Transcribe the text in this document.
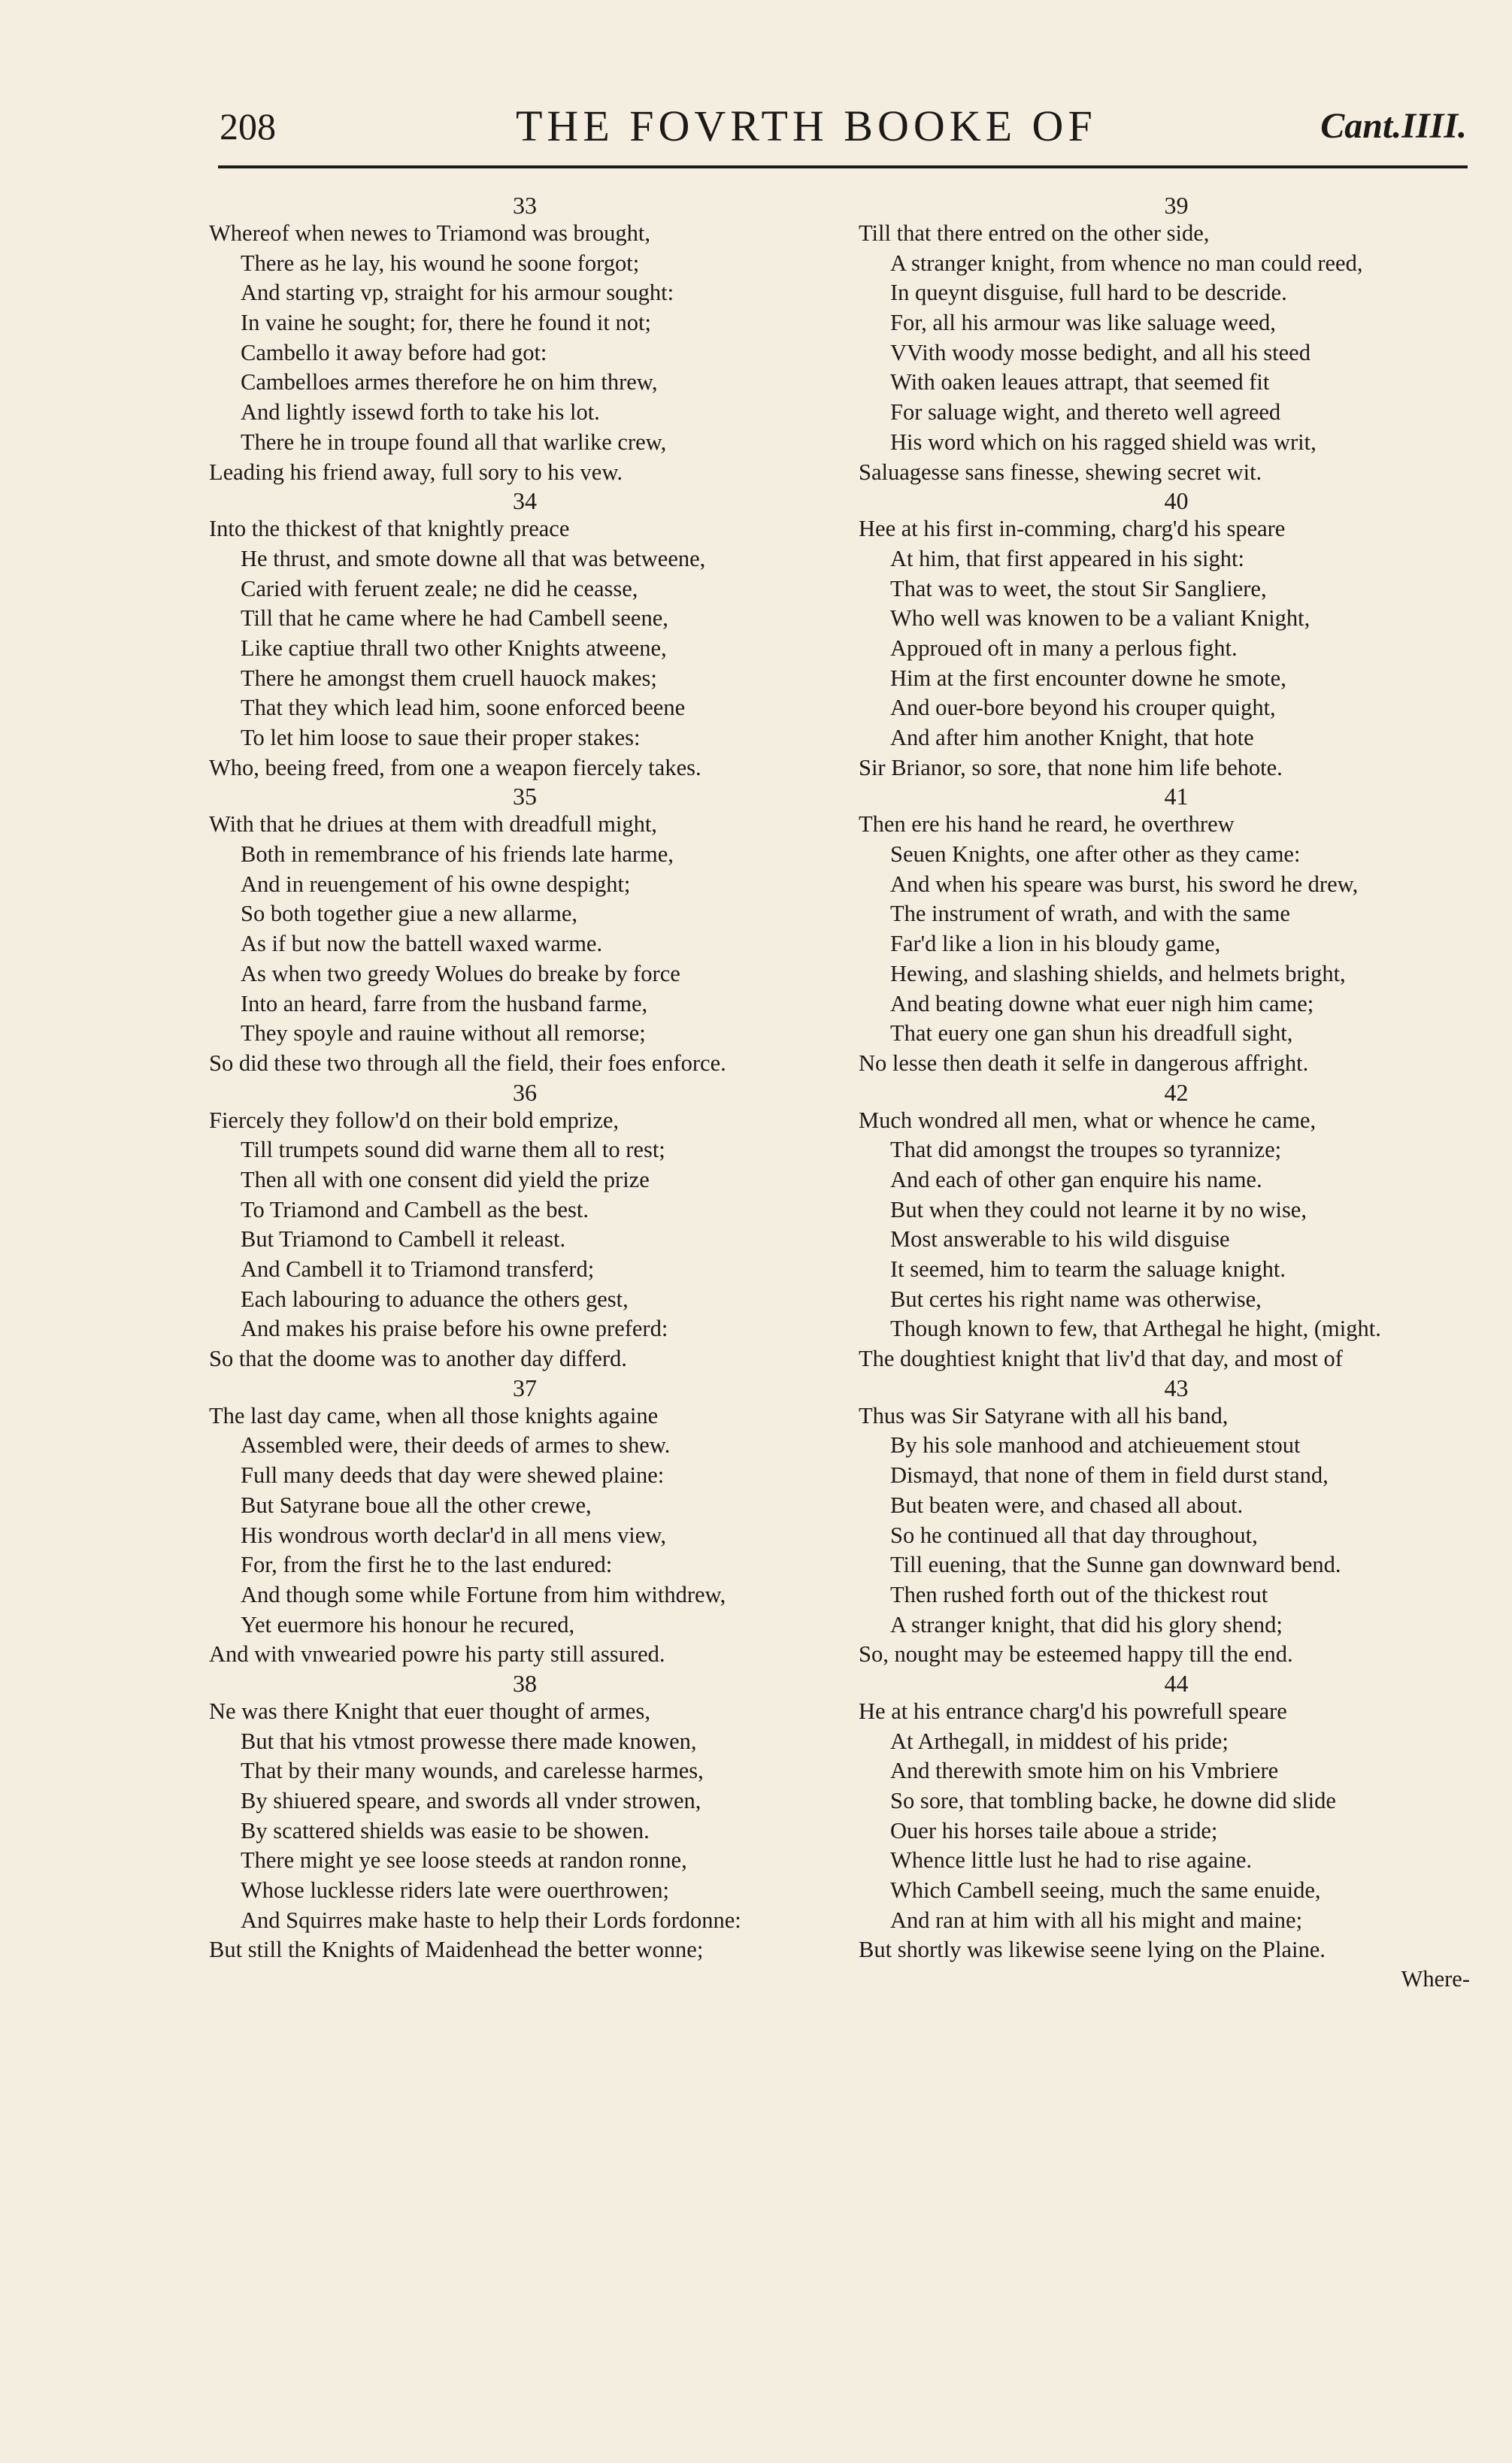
208	THE FOVRTH BOOKE OF	Cant.IIII.
33
Whereof when newes to Triamond was brought,
There as he lay, his wound he soone forgot;
And starting vp, straight for his armour sought:
In vaine he sought; for, there he found it not;
Cambello it away before had got:
Cambelloes armes therefore he on him threw,
And lightly issewd forth to take his lot.
There he in troupe found all that warlike crew,
Leading his friend away, full sory to his vew.
34
Into the thickest of that knightly preace
He thrust, and smote downe all that was betweene,
Caried with feruent zeale; ne did he ceasse,
Till that he came where he had Cambell seene,
Like captiue thrall two other Knights atweene,
There he amongst them cruell hauock makes;
That they which lead him, soone enforced beene
To let him loose to saue their proper stakes:
Who, beeing freed, from one a weapon fiercely takes.
35
With that he driues at them with dreadfull might,
Both in remembrance of his friends late harme,
And in reuengement of his owne despight;
So both together giue a new allarme,
As if but now the battell waxed warme.
As when two greedy Wolues do breake by force
Into an heard, farre from the husband farme,
They spoyle and rauine without all remorse;
So did these two through all the field, their foes enforce.
36
Fiercely they follow'd on their bold emprize,
Till trumpets sound did warne them all to rest;
Then all with one consent did yield the prize
To Triamond and Cambell as the best.
But Triamond to Cambell it releast.
And Cambell it to Triamond transferd;
Each labouring to aduance the others gest,
And makes his praise before his owne preferd:
So that the doome was to another day differd.
37
The last day came, when all those knights againe
Assembled were, their deeds of armes to shew.
Full many deeds that day were shewed plaine:
But Satyrane boue all the other crewe,
His wondrous worth declar'd in all mens view,
For, from the first he to the last endured:
And though some while Fortune from him withdrew,
Yet euermore his honour he recured,
And with vnwearied powre his party still assured.
38
Ne was there Knight that euer thought of armes,
But that his vtmost prowesse there made knowen,
That by their many wounds, and carelesse harmes,
By shiuered speare, and swords all vnder strowen,
By scattered shields was easie to be showen.
There might ye see loose steeds at randon ronne,
Whose lucklesse riders late were ouerthrowen;
And Squirres make haste to help their Lords fordonne:
But still the Knights of Maidenhead the better wonne;
39
Till that there entred on the other side,
A stranger knight, from whence no man could reed,
In queynt disguise, full hard to be descride.
For, all his armour was like saluage weed,
VVith woody mosse bedight, and all his steed
With oaken leaues attrapt, that seemed fit
For saluage wight, and thereto well agreed
His word which on his ragged shield was writ,
Saluagesse sans finesse, shewing secret wit.
40
Hee at his first in-comming, charg'd his speare
At him, that first appeared in his sight:
That was to weet, the stout Sir Sangliere,
Who well was knowen to be a valiant Knight,
Approued oft in many a perlous fight.
Him at the first encounter downe he smote,
And ouer-bore beyond his crouper quight,
And after him another Knight, that hote
Sir Brianor, so sore, that none him life behote.
41
Then ere his hand he reard, he overthrew
Seuen Knights, one after other as they came:
And when his speare was burst, his sword he drew,
The instrument of wrath, and with the same
Far'd like a lion in his bloudy game,
Hewing, and slashing shields, and helmets bright,
And beating downe what euer nigh him came;
That euery one gan shun his dreadfull sight,
No lesse then death it selfe in dangerous affright.
42
Much wondred all men, what or whence he came,
That did amongst the troupes so tyrannize;
And each of other gan enquire his name.
But when they could not learne it by no wise,
Most answerable to his wild disguise
It seemed, him to tearm the saluage knight.
But certes his right name was otherwise,
Though known to few, that Arthegal he hight, (might.
The doughtiest knight that liv'd that day, and most of
43
Thus was Sir Satyrane with all his band,
By his sole manhood and atchieuement stout
Dismayd, that none of them in field durst stand,
But beaten were, and chased all about.
So he continued all that day throughout,
Till euening, that the Sunne gan downward bend.
Then rushed forth out of the thickest rout
A stranger knight, that did his glory shend;
So, nought may be esteemed happy till the end.
44
He at his entrance charg'd his powrefull speare
At Arthegall, in middest of his pride;
And therewith smote him on his Vmbriere
So sore, that tombling backe, he downe did slide
Ouer his horses taile aboue a stride;
Whence little lust he had to rise againe.
Which Cambell seeing, much the same enuide,
And ran at him with all his might and maine;
But shortly was likewise seene lying on the Plaine.
Where-
